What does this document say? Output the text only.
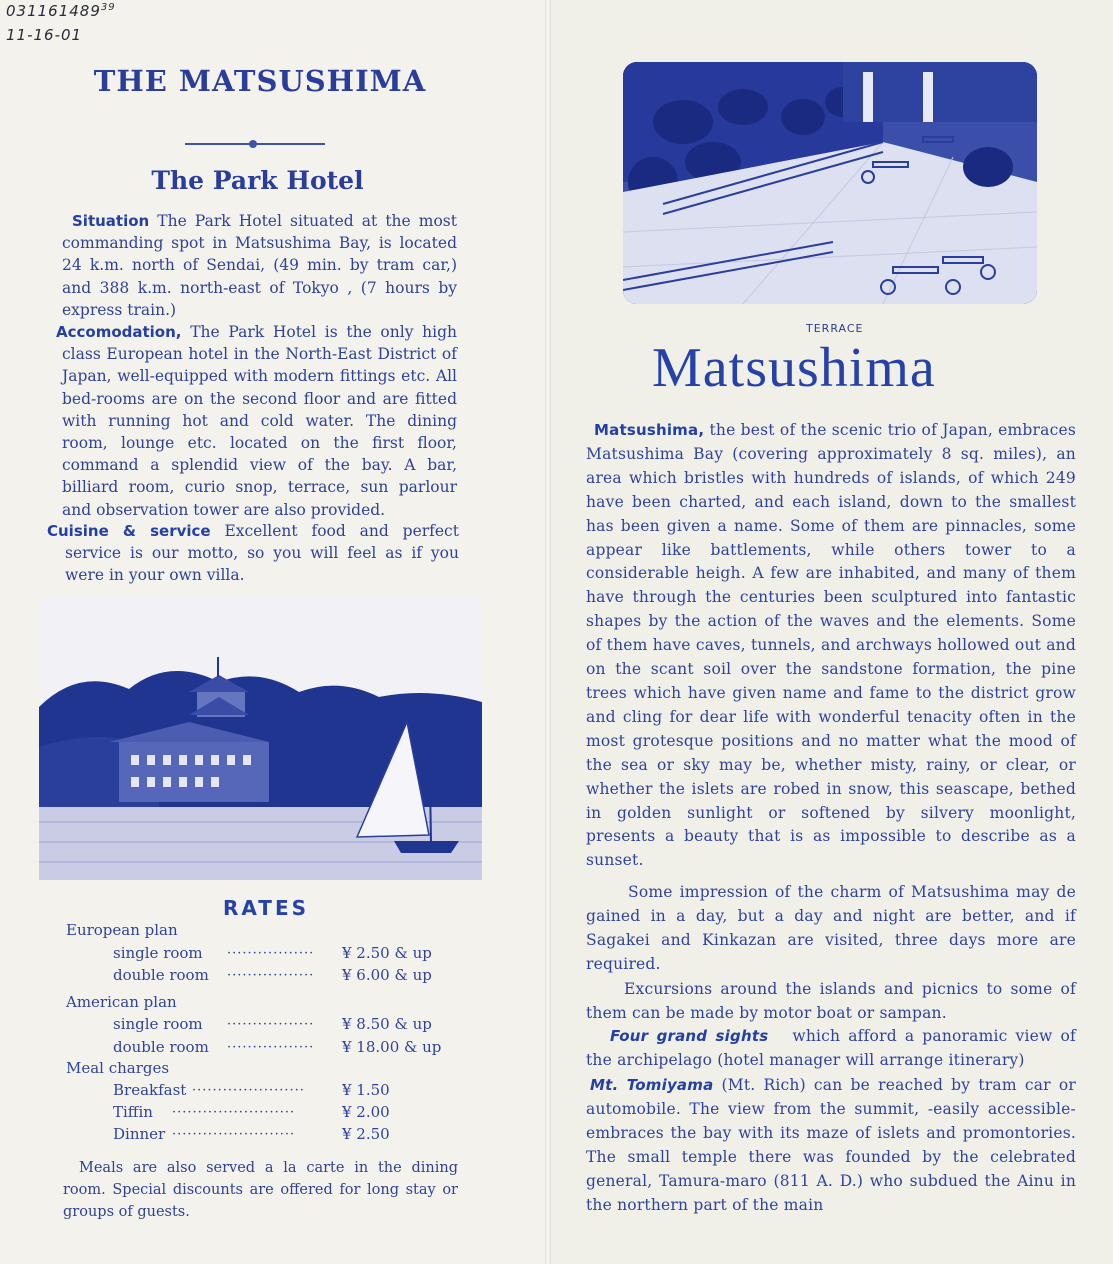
031161489$^{39}$
11-16-01
THE MATSUSHIMA
The Park Hotel
Situation The Park Hotel situated at the most commanding spot in Matsushima Bay, is located 24 k.m. north of Sendai, (49 min. by tram car,) and 388 k.m. north-east of Tokyo , (7 hours by express train.)
Accomodation, The Park Hotel is the only high class European hotel in the North-East District of Japan, well-equipped with modern fittings etc. All bed-rooms are on the second floor and are fitted with running hot and cold water. The dining room, lounge etc. located on the first floor, command a splendid view of the bay. A bar, billiard room, curio snop, terrace, sun parlour and observation tower are also provided.
Cuisine & service Excellent food and perfect service is our motto, so you will feel as if you were in your own villa.
RATES
European plan
single room ················· ¥ 2.50 & up
double room ················· ¥ 6.00 & up
American plan
single room ················· ¥ 8.50 & up
double room ················· ¥ 18.00 & up
Meal charges
Breakfast ······················ ¥ 1.50
Tiffin ························	¥ 2.00
Dinner ························	¥ 2.50
Meals are also served a la carte in the dining room. Special discounts are offered for long stay or groups of guests.
TERRACE
Matsushima
Matsushima, the best of the scenic trio of Japan, embraces Matsushima Bay (covering approximately 8 sq. miles), an area which bristles with hundreds of islands, of which 249 have been charted, and each island, down to the smallest has been given a name. Some of them are pinnacles, some appear like battlements, while others tower to a considerable heigh. A few are inhabited, and many of them have through the centuries been sculptured into fantastic shapes by the action of the waves and the elements. Some of them have caves, tunnels, and archways hollowed out and on the scant soil over the sandstone formation, the pine trees which have given name and fame to the district grow and cling for dear life with wonderful tenacity often in the most grotesque positions and no matter what the mood of the sea or sky may be, whether misty, rainy, or clear, or whether the islets are robed in snow, this seascape, bethed in golden sunlight or softened by silvery moonlight, presents a beauty that is as impossible to describe as a sunset.
Some impression of the charm of Matsushima may de gained in a day, but a day and night are better, and if Sagakei and Kinkazan are visited, three days more are required.
Excursions around the islands and picnics to some of them can be made by motor boat or sampan.
Four grand sights which afford a panoramic view of the archipelago (hotel manager will arrange itinerary)
Mt. Tomiyama (Mt. Rich) can be reached by tram car or automobile. The view from the summit, -easily accessible-embraces the bay with its maze of islets and promontories. The small temple there was founded by the celebrated general, Tamura-maro (811 A. D.) who subdued the Ainu in the northern part of the main
